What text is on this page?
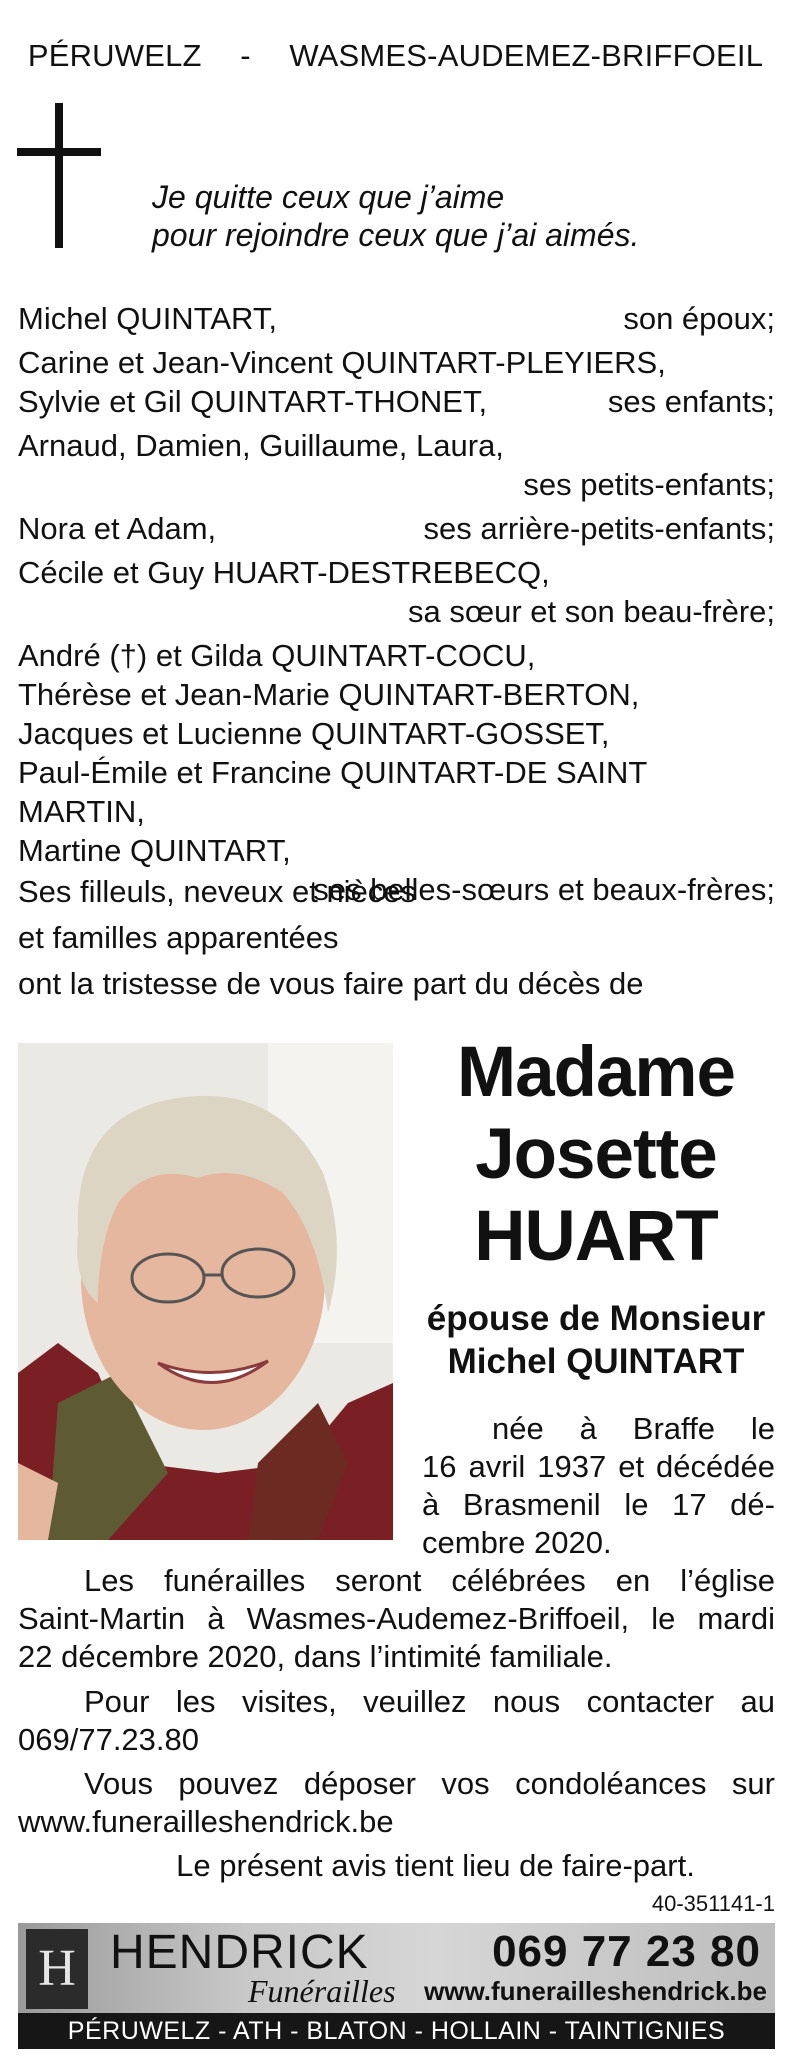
PÉRUWELZ - WASMES-AUDEMEZ-BRIFFOEIL
Je quitte ceux que j’aime
pour rejoindre ceux que j’ai aimés.
Michel QUINTART,	son époux;
Carine et Jean-Vincent QUINTART-PLEYIERS,
Sylvie et Gil QUINTART-THONET,	ses enfants;
Arnaud, Damien, Guillaume, Laura,
ses petits-enfants;
Nora et Adam,	ses arrière-petits-enfants;
Cécile et Guy HUART-DESTREBECQ,
sa sœur et son beau-frère;
André (†) et Gilda QUINTART-COCU,
Thérèse et Jean-Marie QUINTART-BERTON,
Jacques et Lucienne QUINTART-GOSSET,
Paul-Émile et Francine QUINTART-DE SAINT MARTIN,
Martine QUINTART,
ses belles-sœurs et beaux-frères;
Ses filleuls, neveux et nièces
et familles apparentées
ont la tristesse de vous faire part du décès de
Madame
Josette
HUART
épouse de Monsieur
Michel QUINTART
née à Braffe le
16 avril 1937 et décédée
à Brasmenil le 17 dé-
cembre 2020.
Les funérailles seront célébrées en l’église
Saint-Martin à Wasmes-Audemez-Briffoeil, le mardi
22 décembre 2020, dans l’intimité familiale.
Pour les visites, veuillez nous contacter au
069/77.23.80
Vous pouvez déposer vos condoléances sur
www.funerailleshendrick.be
Le présent avis tient lieu de faire-part.
40-351141-1
H HENDRICK
Funérailles
069 77 23 80
www.funerailleshendrick.be
PÉRUWELZ - ATH - BLATON - HOLLAIN - TAINTIGNIES
